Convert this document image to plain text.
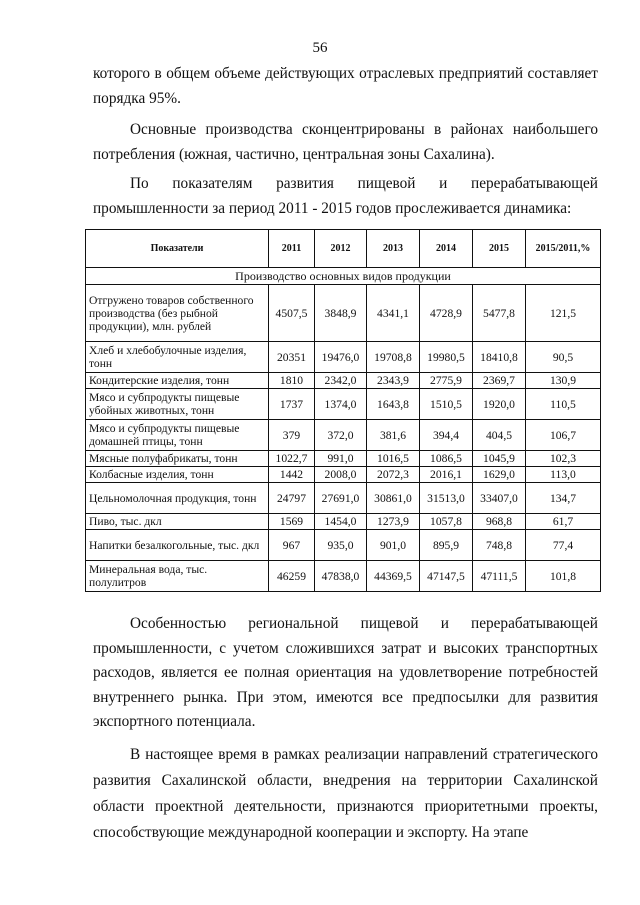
56

которого в общем объеме действующих отраслевых предприятий составляет порядка 95%.

Основные производства сконцентрированы в районах наибольшего потребления (южная, частично, центральная зоны Сахалина).

По показателям развития пищевой и перерабатывающей промышленности за период 2011 - 2015 годов прослеживается динамика:

Показатели	2011	2012	2013	2014	2015	2015/2011,%
Производство основных видов продукции						
Отгружено товаров собственного производства (без рыбной продукции), млн. рублей	4507,5	3848,9	4341,1	4728,9	5477,8	121,5
Хлеб и хлебобулочные изделия, тонн	20351	19476,0	19708,8	19980,5	18410,8	90,5
Кондитерские изделия, тонн	1810	2342,0	2343,9	2775,9	2369,7	130,9
Мясо и субпродукты пищевые убойных животных, тонн	1737	1374,0	1643,8	1510,5	1920,0	110,5
Мясо и субпродукты пищевые домашней птицы, тонн	379	372,0	381,6	394,4	404,5	106,7
Мясные полуфабрикаты, тонн	1022,7	991,0	1016,5	1086,5	1045,9	102,3
Колбасные изделия, тонн	1442	2008,0	2072,3	2016,1	1629,0	113,0
Цельномолочная продукция, тонн	24797	27691,0	30861,0	31513,0	33407,0	134,7
Пиво, тыс. дкл	1569	1454,0	1273,9	1057,8	968,8	61,7
Напитки безалкогольные, тыс. дкл	967	935,0	901,0	895,9	748,8	77,4
Минеральная вода, тыс. полулитров	46259	47838,0	44369,5	47147,5	47111,5	101,8

Особенностью региональной пищевой и перерабатывающей промышленности, с учетом сложившихся затрат и высоких транспортных расходов, является ее полная ориентация на удовлетворение потребностей внутреннего рынка. При этом, имеются все предпосылки для развития экспортного потенциала.

В настоящее время в рамках реализации направлений стратегического развития Сахалинской области, внедрения на территории Сахалинской области проектной деятельности, признаются приоритетными проекты, способствующие международной кооперации и экспорту. На этапе
